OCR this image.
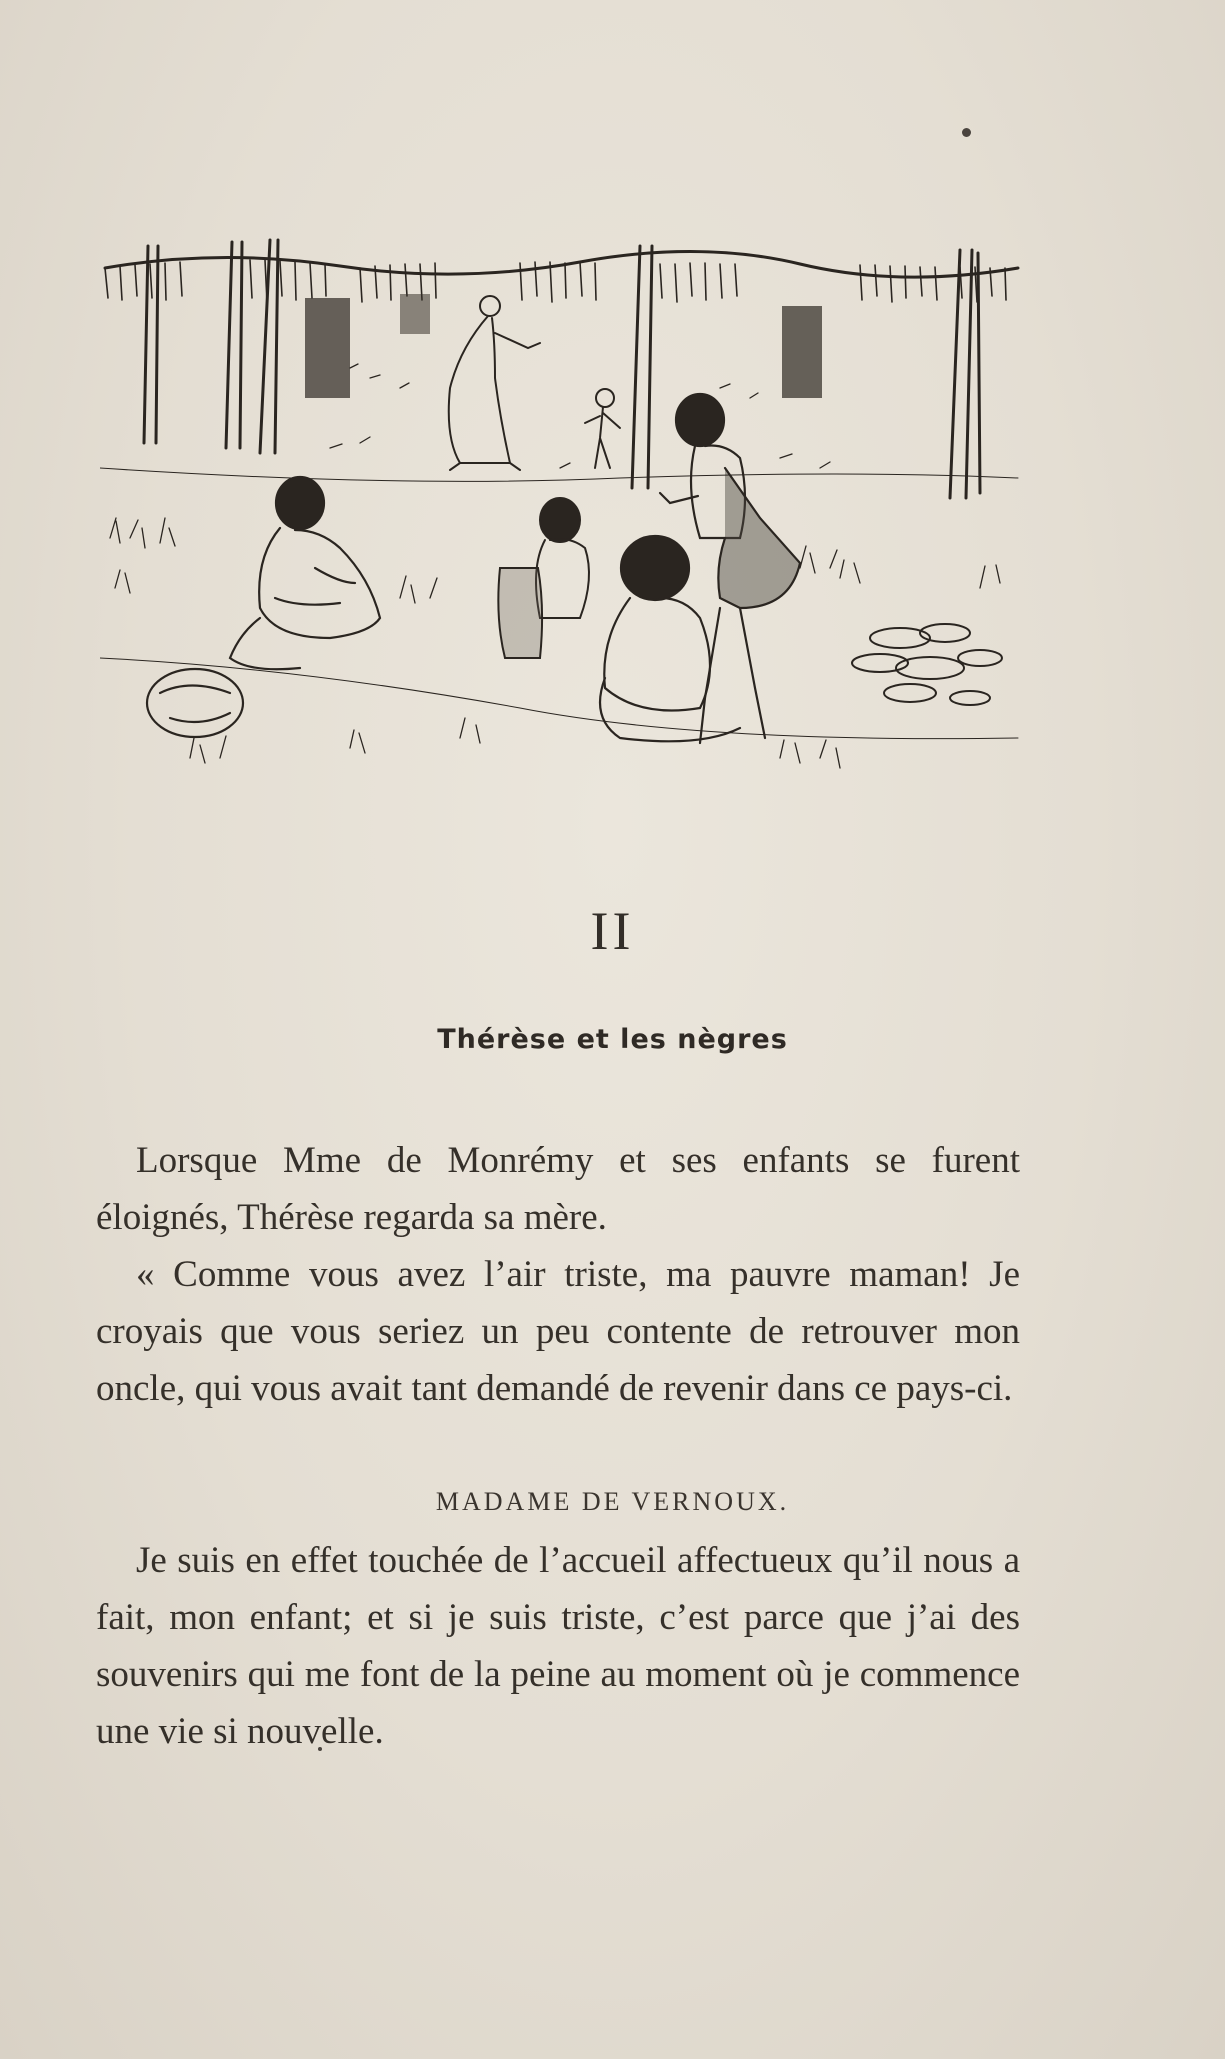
II
Thérèse et les nègres

Lorsque Mme de Monrémy et ses enfants se furent éloignés, Thérèse regarda sa mère.

« Comme vous avez l’air triste, ma pauvre maman! Je croyais que vous seriez un peu contente de retrouver mon oncle, qui vous avait tant demandé de revenir dans ce pays-ci.

MADAME DE VERNOUX.

Je suis en effet touchée de l’accueil affectueux qu’il nous a fait, mon enfant; et si je suis triste, c’est parce que j’ai des souvenirs qui me font de la peine au moment où je commence une vie si nouvelle.
